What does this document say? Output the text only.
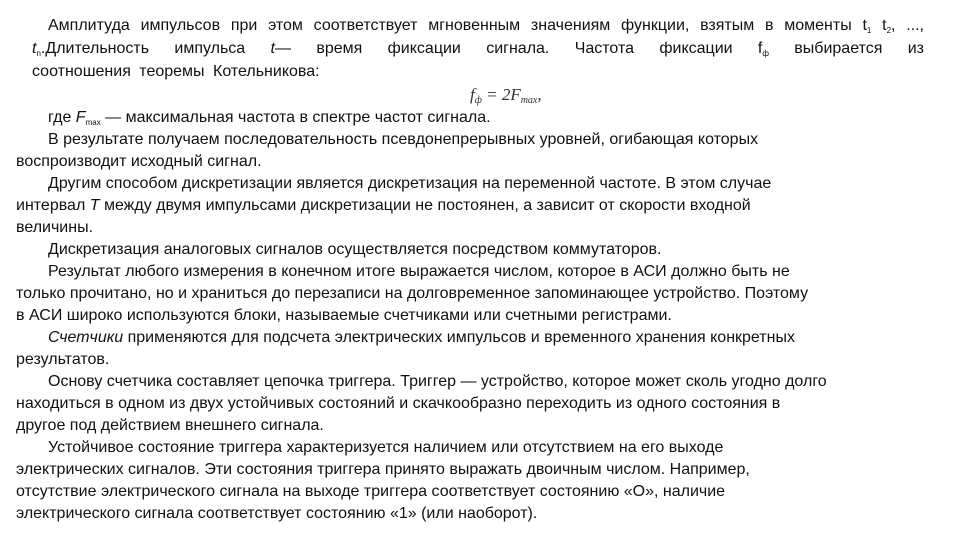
Амплитуда импульсов при этом соответствует мгновенным значениям функции, взятым в моменты $t_1$ $t_2$, ..., $t_n.Длительность$ импульса t— время фиксации сигнала. Частота фиксации $f_ф$ выбирается из

соотношения теоремы Котельникова:

$f_ф = 2F_{max}$,

где $F_{max}$ — максимальная частота в спектре частот сигнала.

В результате получаем последовательность псевдонепрерывных уровней, огибающая которых
воспроизводит исходный сигнал.

Другим способом дискретизации является дискретизация на переменной частоте. В этом случае
интервал Т между двумя импульсами дискретизации не постоянен, а зависит от скорости входной
величины.

Дискретизация аналоговых сигналов осуществляется посредством коммутаторов.

Результат любого измерения в конечном итоге выражается числом, которое в АСИ должно быть не
только прочитано, но и храниться до перезаписи на долговременное запоминающее устройство. Поэтому
в АСИ широко используются блоки, называемые счетчиками или счетными регистрами.

Счетчики применяются для подсчета электрических импульсов и временного хранения конкретных
результатов.

Основу счетчика составляет цепочка триггера. Триггер — устройство, которое может сколь угодно долго
находиться в одном из двух устойчивых состояний и скачкообразно переходить из одного состояния в
другое под действием внешнего сигнала.

Устойчивое состояние триггера характеризуется наличием или отсутствием на его выходе
электрических сигналов. Эти состояния триггера принято выражать двоичным числом. Например,
отсутствие электрического сигнала на выходе триггера соответствует состоянию «О», наличие
электрического сигнала соответствует состоянию «1» (или наоборот).
